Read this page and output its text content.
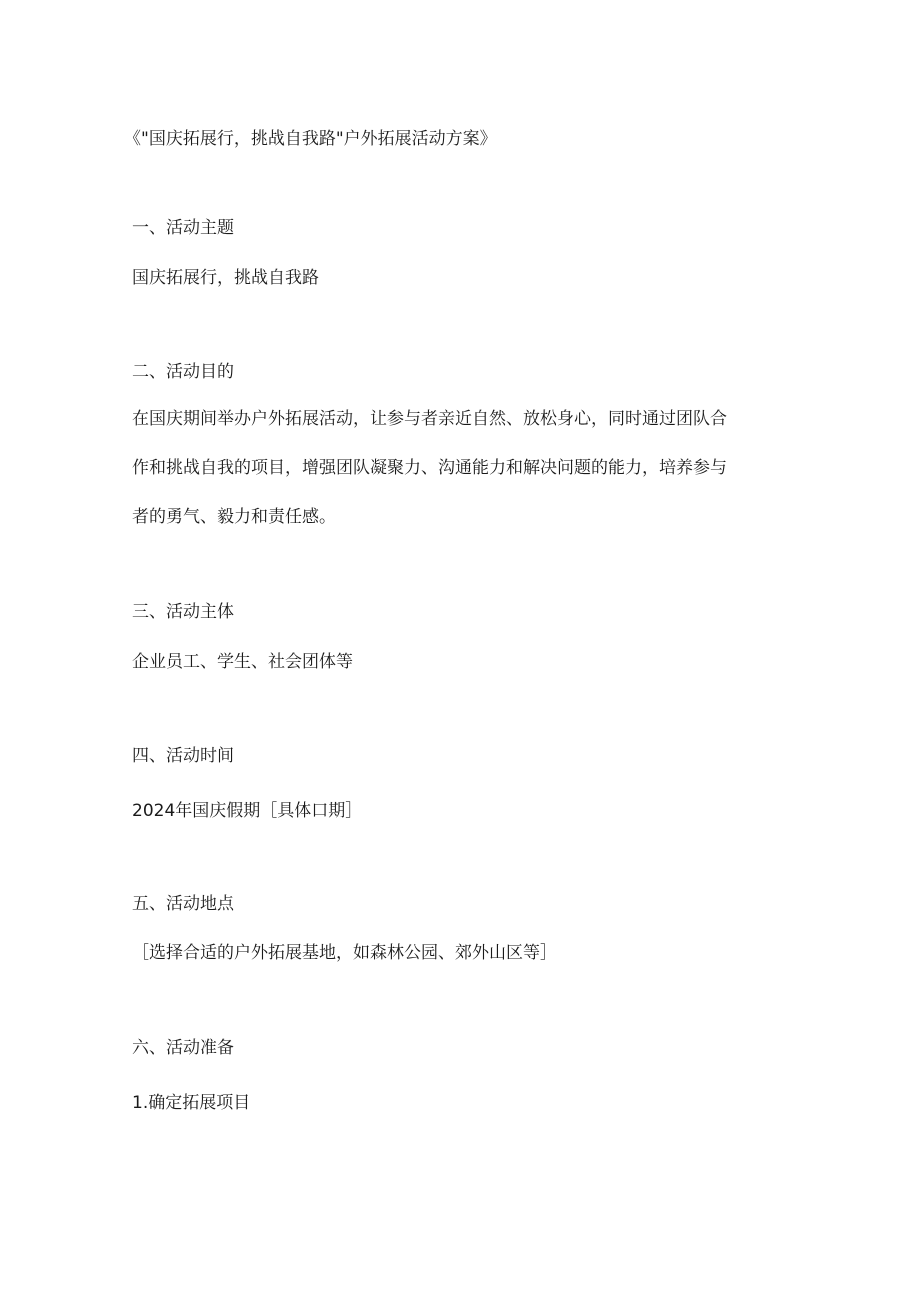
《"国庆拓展行，挑战自我路"户外拓展活动方案》

一、活动主题

国庆拓展行，挑战自我路

二、活动目的

在国庆期间举办户外拓展活动，让参与者亲近自然、放松身心，同时通过团队合

作和挑战自我的项目，增强团队凝聚力、沟通能力和解决问题的能力，培养参与

者的勇气、毅力和责任感。

三、活动主体

企业员工、学生、社会团体等

四、活动时间

2024年国庆假期［具体口期］

五、活动地点

［选择合适的户外拓展基地，如森林公园、郊外山区等］

六、活动准备

1.确定拓展项目
